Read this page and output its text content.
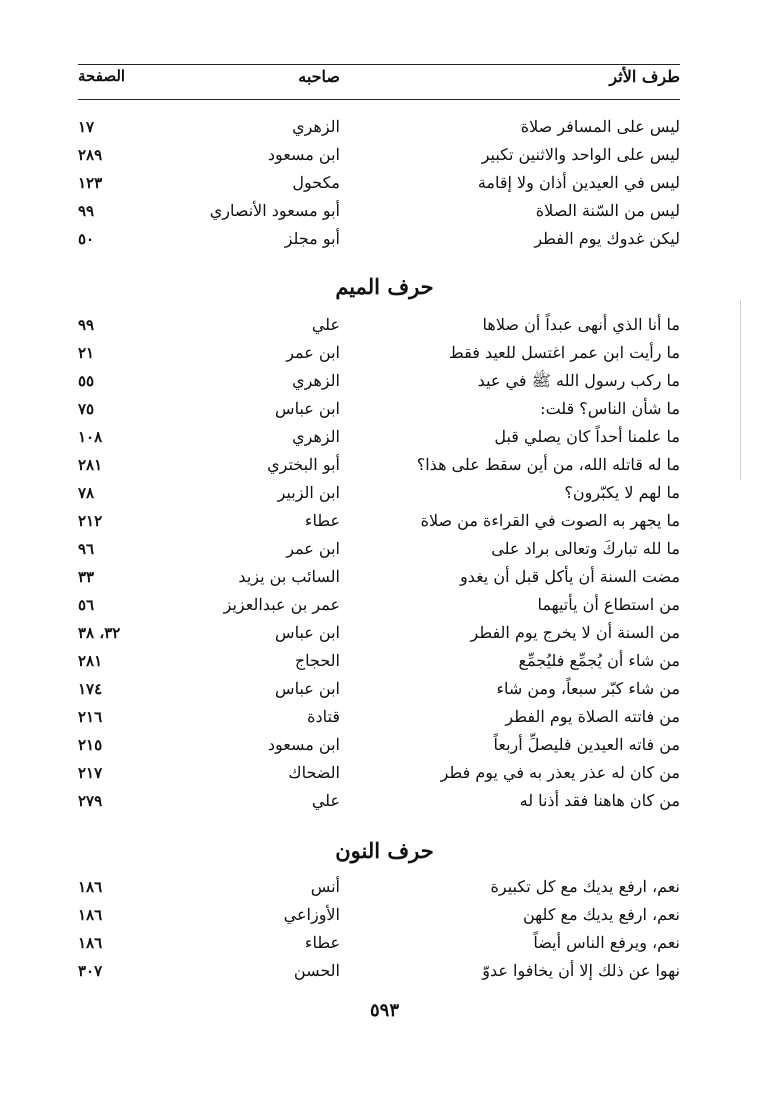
طرف الأثر
صاحبه
الصفحة
ليس على المسافر صلاة
الزهري
١٧
ليس على الواحد والاثنين تكبير
ابن مسعود
٢٨٩
ليس في العيدين أذان ولا إقامة
مكحول
١٢٣
ليس من السّنة الصلاة
أبو مسعود الأنصاري
٩٩
ليكن غدوك يوم الفطر
أبو مجلز
٥٠
حرف الميم
ما أنا الذي أنهى عبداً أن صلاها
علي
٩٩
ما رأيت ابن عمر اغتسل للعيد فقط
ابن عمر
٢١
ما ركب رسول الله ﷺ في عيد
الزهري
٥٥
ما شأن الناس؟ قلت:
ابن عباس
٧٥
ما علمنا أحداً كان يصلي قبل
الزهري
١٠٨
ما له قاتله الله، من أين سقط على هذا؟
أبو البختري
٢٨١
ما لهم لا يكبّرون؟
ابن الزبير
٧٨
ما يجهر به الصوت في القراءة من صلاة
عطاء
٢١٢
ما لله تباركَ وتعالى براد على
ابن عمر
٩٦
مضت السنة أن يأكل قبل أن يغدو
السائب بن يزيد
٣٣
من استطاع أن يأتيهما
عمر بن عبدالعزيز
٥٦
من السنة أن لا يخرج يوم الفطر
ابن عباس
٣٢، ٣٨
من شاء أن يُجمِّع فليُجمِّع
الحجاج
٢٨١
من شاء كبّر سبعاً، ومن شاء
ابن عباس
١٧٤
من فاتته الصلاة يوم الفطر
قتادة
٢١٦
من فاته العيدين فليصلِّ أربعاً
ابن مسعود
٢١٥
من كان له عذر يعذر به في يوم فطر
الضحاك
٢١٧
من كان هاهنا فقد أذنا له
علي
٢٧٩
حرف النون
نعم، ارفع يديك مع كل تكبيرة
أنس
١٨٦
نعم، ارفع يديك مع كلهن
الأوزاعي
١٨٦
نعم، ويرفع الناس أيضاً
عطاء
١٨٦
نهوا عن ذلك إلا أن يخافوا عدوّ
الحسن
٣٠٧
٥٩٣
